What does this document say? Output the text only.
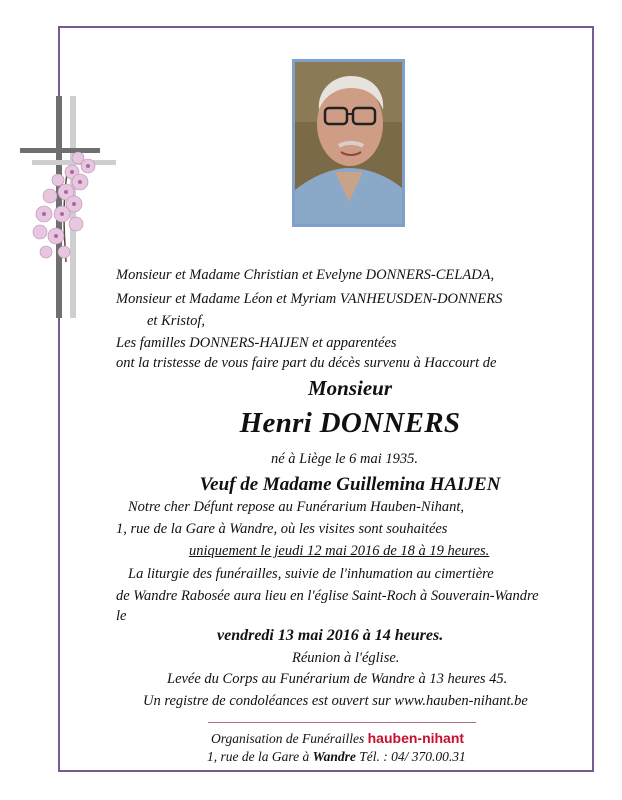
Monsieur et Madame Christian et Evelyne DONNERS-CELADA,
Monsieur et Madame Léon et Myriam VANHEUSDEN-DONNERS
et Kristof,
Les familles DONNERS-HAIJEN et apparentées
ont la tristesse de vous faire part du décès survenu à Haccourt de
Monsieur
Henri DONNERS
né à Liège le 6 mai 1935.
Veuf de Madame Guillemina HAIJEN
Notre cher Défunt repose au Funérarium Hauben-Nihant,
1, rue de la Gare à Wandre, où les visites sont souhaitées
uniquement le jeudi 12 mai 2016 de 18 à 19 heures.
La liturgie des funérailles, suivie de l'inhumation au cimertière
de Wandre Rabosée aura lieu en l'église Saint-Roch à Souverain-Wandre
le
vendredi 13 mai 2016 à 14 heures.
Réunion à l'église.
Levée du Corps au Funérarium de Wandre à 13 heures 45.
Un registre de condoléances est ouvert sur www.hauben-nihant.be
Organisation de Funérailles hauben-nihant
1, rue de la Gare à Wandre Tél. : 04/ 370.00.31
